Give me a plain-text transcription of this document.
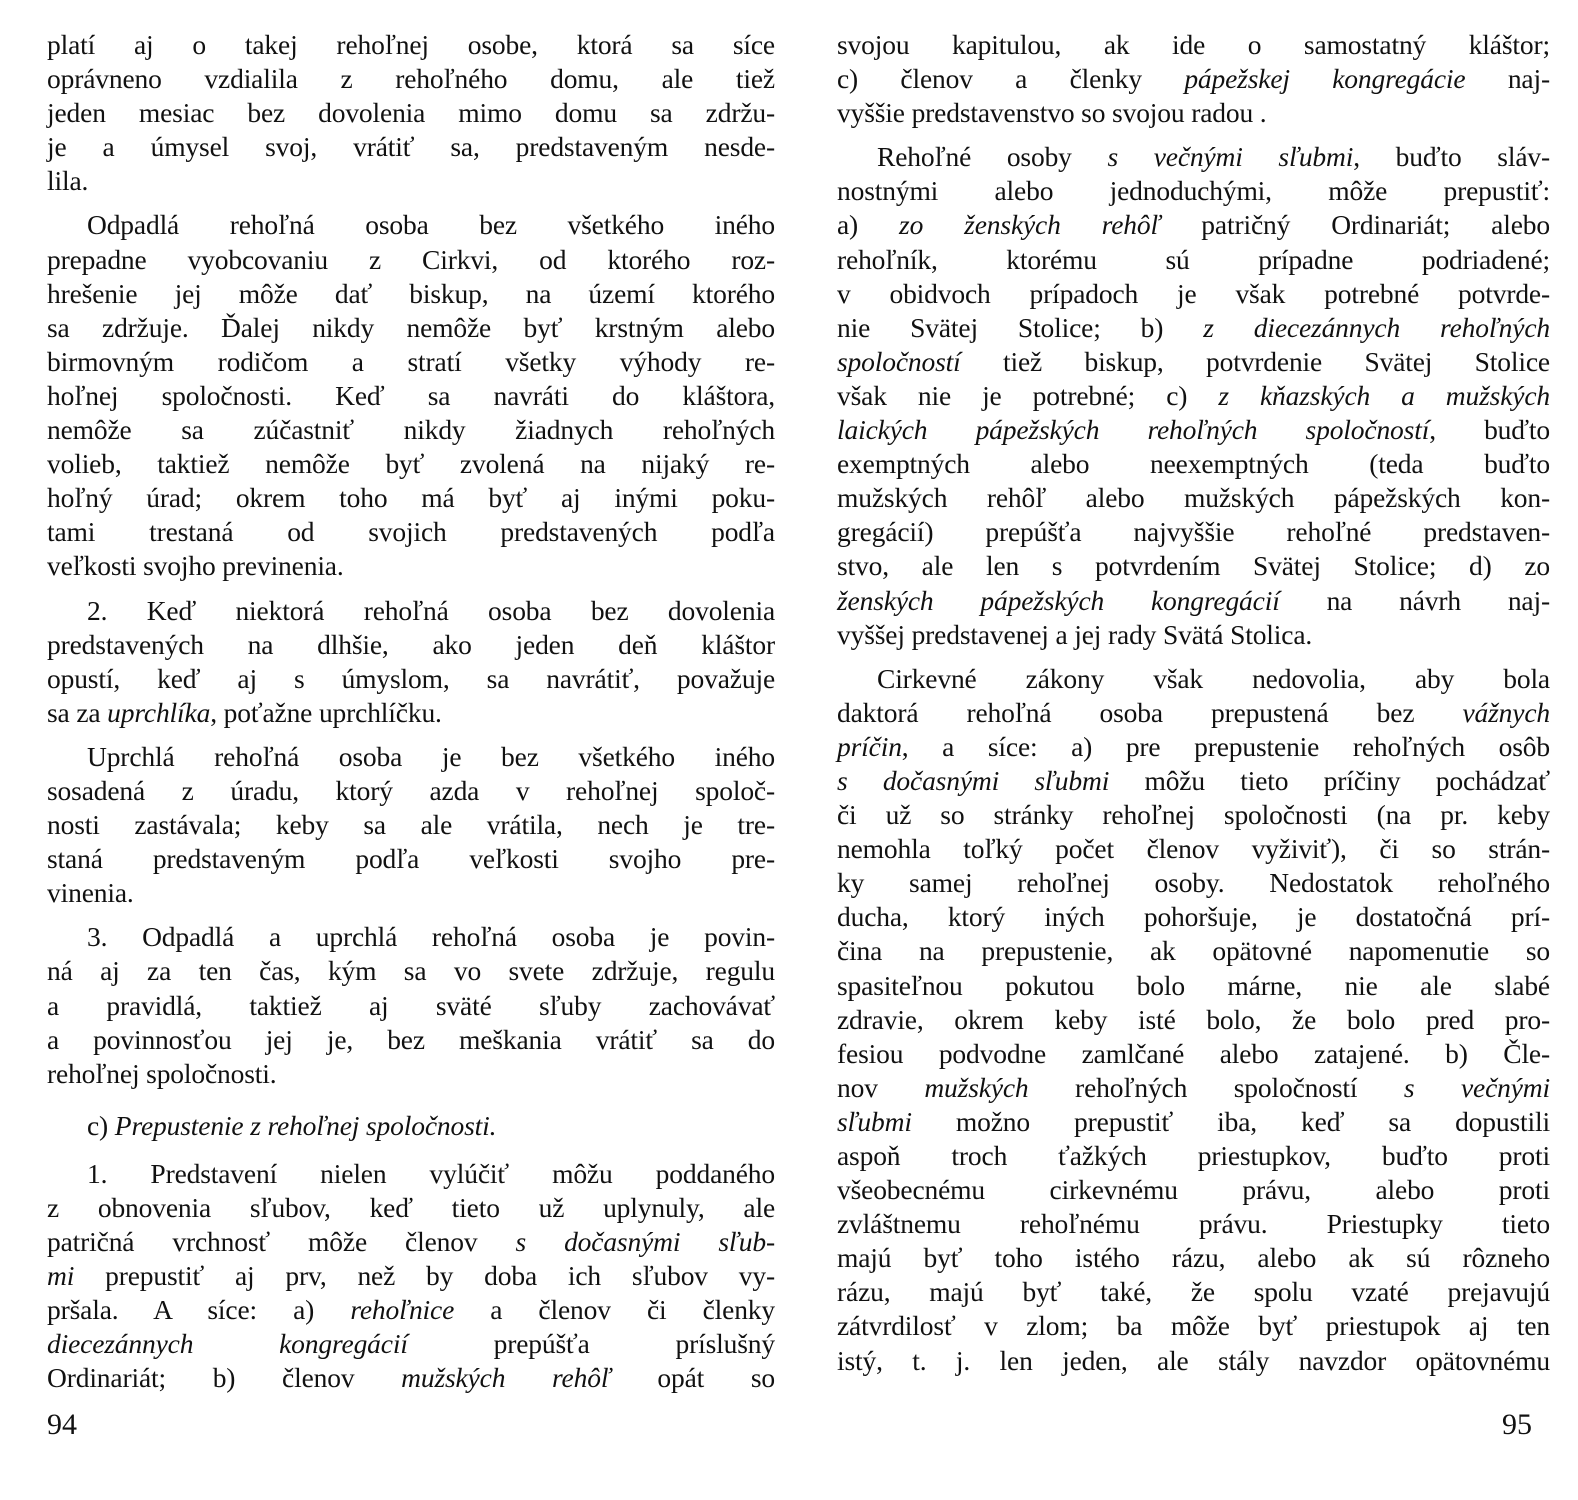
platí aj o takej rehoľnej osobe, ktorá sa síce
oprávneno vzdialila z rehoľného domu, ale tiež
jeden mesiac bez dovolenia mimo domu sa zdržu-
je a úmysel svoj, vrátiť sa, predstaveným nesde-
lila.
Odpadlá rehoľná osoba bez všetkého iného
prepadne vyobcovaniu z Cirkvi, od ktorého roz-
hrešenie jej môže dať biskup, na území ktorého
sa zdržuje. Ďalej nikdy nemôže byť krstným alebo
birmovným rodičom a stratí všetky výhody re-
hoľnej spoločnosti. Keď sa navráti do kláštora,
nemôže sa zúčastniť nikdy žiadnych rehoľných
volieb, taktiež nemôže byť zvolená na nijaký re-
hoľný úrad; okrem toho má byť aj inými poku-
tami trestaná od svojich predstavených podľa
veľkosti svojho previnenia.
2. Keď niektorá rehoľná osoba bez dovolenia
predstavených na dlhšie, ako jeden deň kláštor
opustí, keď aj s úmyslom, sa navrátiť, považuje
sa za uprchlíka, poťažne uprchlíčku.
Uprchlá rehoľná osoba je bez všetkého iného
sosadená z úradu, ktorý azda v rehoľnej spoloč-
nosti zastávala; keby sa ale vrátila, nech je tre-
staná predstaveným podľa veľkosti svojho pre-
vinenia.
3. Odpadlá a uprchlá rehoľná osoba je povin-
ná aj za ten čas, kým sa vo svete zdržuje, regulu
a pravidlá, taktiež aj sväté sľuby zachovávať
a povinnosťou jej je, bez meškania vrátiť sa do
rehoľnej spoločnosti.
c) Prepustenie z rehoľnej spoločnosti.
1. Predstavení nielen vylúčiť môžu poddaného
z obnovenia sľubov, keď tieto už uplynuly, ale
patričná vrchnosť môže členov s dočasnými sľub-
mi prepustiť aj prv, než by doba ich sľubov vy-
pršala. A síce: a) rehoľnice a členov či členky
diecezánnych kongregácií prepúšťa príslušný
Ordinariát; b) členov mužských rehôľ opát so
svojou kapitulou, ak ide o samostatný kláštor;
c) členov a členky pápežskej kongregácie naj-
vyššie predstavenstvo so svojou radou .
Rehoľné osoby s večnými sľubmi, buďto sláv-
nostnými alebo jednoduchými, môže prepustiť:
a) zo ženských rehôľ patričný Ordinariát; alebo
rehoľník, ktorému sú prípadne podriadené;
v obidvoch prípadoch je však potrebné potvrde-
nie Svätej Stolice; b) z diecezánnych rehoľných
spoločností tiež biskup, potvrdenie Svätej Stolice
však nie je potrebné; c) z kňazských a mužských
laických pápežských rehoľných spoločností, buďto
exemptných alebo neexemptných (teda buďto
mužských rehôľ alebo mužských pápežských kon-
gregácií) prepúšťa najvyššie rehoľné predstaven-
stvo, ale len s potvrdením Svätej Stolice; d) zo
ženských pápežských kongregácií na návrh naj-
vyššej predstavenej a jej rady Svätá Stolica.
Cirkevné zákony však nedovolia, aby bola
daktorá rehoľná osoba prepustená bez vážnych
príčin, a síce: a) pre prepustenie rehoľných osôb
s dočasnými sľubmi môžu tieto príčiny pochádzať
či už so stránky rehoľnej spoločnosti (na pr. keby
nemohla toľký počet členov vyživiť), či so strán-
ky samej rehoľnej osoby. Nedostatok rehoľného
ducha, ktorý iných pohoršuje, je dostatočná prí-
čina na prepustenie, ak opätovné napomenutie so
spasiteľnou pokutou bolo márne, nie ale slabé
zdravie, okrem keby isté bolo, že bolo pred pro-
fesiou podvodne zamlčané alebo zatajené. b) Čle-
nov mužských rehoľných spoločností s večnými
sľubmi možno prepustiť iba, keď sa dopustili
aspoň troch ťažkých priestupkov, buďto proti
všeobecnému cirkevnému právu, alebo proti
zvláštnemu rehoľnému právu. Priestupky tieto
majú byť toho istého rázu, alebo ak sú rôzneho
rázu, majú byť také, že spolu vzaté prejavujú
zátvrdilosť v zlom; ba môže byť priestupok aj ten
istý, t. j. len jeden, ale stály navzdor opätovnému
94	95
